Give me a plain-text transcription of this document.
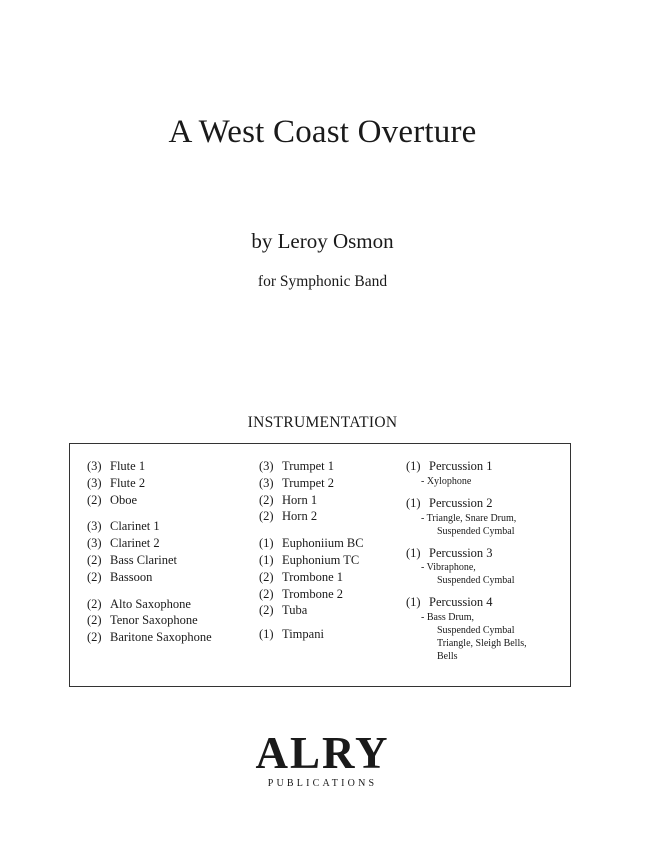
A West Coast Overture
by Leroy Osmon
for Symphonic Band
INSTRUMENTATION
(3) Flute 1
(3) Flute 2
(2) Oboe
(3) Clarinet 1
(3) Clarinet 2
(2) Bass Clarinet
(2) Bassoon
(2) Alto Saxophone
(2) Tenor Saxophone
(2) Baritone Saxophone
(3) Trumpet 1
(3) Trumpet 2
(2) Horn 1
(2) Horn 2
(1) Euphoniium BC
(1) Euphonium TC
(2) Trombone 1
(2) Trombone 2
(2) Tuba
(1) Timpani
(1) Percussion 1
- Xylophone
(1) Percussion 2
- Triangle, Snare Drum,
Suspended Cymbal
(1) Percussion 3
- Vibraphone,
Suspended Cymbal
(1) Percussion 4
- Bass Drum,
Suspended Cymbal
Triangle, Sleigh Bells,
Bells
ALRY
PUBLICATIONS
